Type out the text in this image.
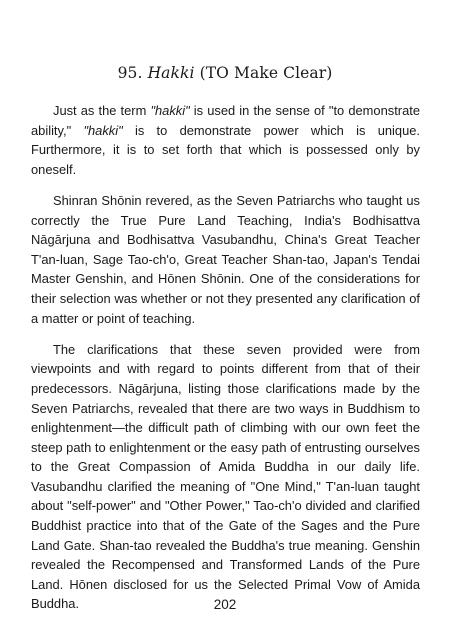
95. Hakki (TO Make Clear)

Just as the term "hakki" is used in the sense of "to demonstrate ability," "hakki" is to demonstrate power which is unique. Furthermore, it is to set forth that which is possessed only by oneself.

Shinran Shōnin revered, as the Seven Patriarchs who taught us correctly the True Pure Land Teaching, India's Bodhisattva Nāgārjuna and Bodhisattva Vasubandhu, China's Great Teacher T'an-luan, Sage Tao-ch'o, Great Teacher Shan-tao, Japan's Tendai Master Genshin, and Hōnen Shōnin. One of the considerations for their selection was whether or not they presented any clarification of a matter or point of teaching.

The clarifications that these seven provided were from viewpoints and with regard to points different from that of their predecessors. Nāgārjuna, listing those clarifications made by the Seven Patriarchs, revealed that there are two ways in Buddhism to enlightenment—the difficult path of climbing with our own feet the steep path to enlightenment or the easy path of entrusting ourselves to the Great Compassion of Amida Buddha in our daily life. Vasubandhu clarified the meaning of "One Mind," T'an-luan taught about "self-power" and "Other Power," Tao-ch'o divided and clarified Buddhist practice into that of the Gate of the Sages and the Pure Land Gate. Shan-tao revealed the Buddha's true meaning. Genshin revealed the Recompensed and Transformed Lands of the Pure Land. Hōnen disclosed for us the Selected Primal Vow of Amida Buddha.	202
